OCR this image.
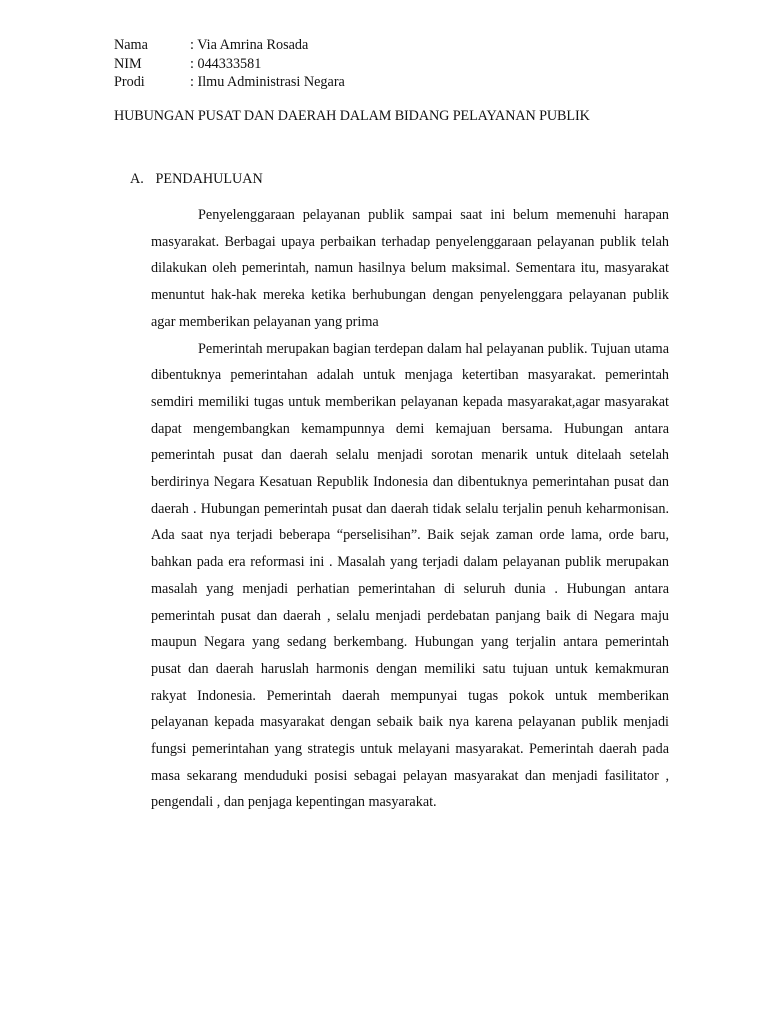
Nama	: Via Amrina Rosada
NIM	: 044333581
Prodi	: Ilmu Administrasi Negara
HUBUNGAN PUSAT DAN DAERAH DALAM BIDANG PELAYANAN PUBLIK
A. PENDAHULUAN

Penyelenggaraan pelayanan publik sampai saat ini belum memenuhi harapan masyarakat. Berbagai upaya perbaikan terhadap penyelenggaraan pelayanan publik telah dilakukan oleh pemerintah, namun hasilnya belum maksimal. Sementara itu, masyarakat menuntut hak-hak mereka ketika berhubungan dengan penyelenggara pelayanan publik agar memberikan pelayanan yang prima

Pemerintah merupakan bagian terdepan dalam hal pelayanan publik. Tujuan utama dibentuknya pemerintahan adalah untuk menjaga ketertiban masyarakat. pemerintah semdiri memiliki tugas untuk memberikan pelayanan kepada masyarakat,agar masyarakat dapat mengembangkan kemampunnya demi kemajuan bersama. Hubungan antara pemerintah pusat dan daerah selalu menjadi sorotan menarik untuk ditelaah setelah berdirinya Negara Kesatuan Republik Indonesia dan dibentuknya pemerintahan pusat dan daerah . Hubungan pemerintah pusat dan daerah tidak selalu terjalin penuh keharmonisan. Ada saat nya terjadi beberapa “perselisihan”. Baik sejak zaman orde lama, orde baru, bahkan pada era reformasi ini . Masalah yang terjadi dalam pelayanan publik merupakan masalah yang menjadi perhatian pemerintahan di seluruh dunia . Hubungan antara pemerintah pusat dan daerah , selalu menjadi perdebatan panjang baik di Negara maju maupun Negara yang sedang berkembang. Hubungan yang terjalin antara pemerintah pusat dan daerah haruslah harmonis dengan memiliki satu tujuan untuk kemakmuran rakyat Indonesia. Pemerintah daerah mempunyai tugas pokok untuk memberikan pelayanan kepada masyarakat dengan sebaik baik nya karena pelayanan publik menjadi fungsi pemerintahan yang strategis untuk melayani masyarakat. Pemerintah daerah pada masa sekarang menduduki posisi sebagai pelayan masyarakat dan menjadi fasilitator , pengendali , dan penjaga kepentingan masyarakat.
